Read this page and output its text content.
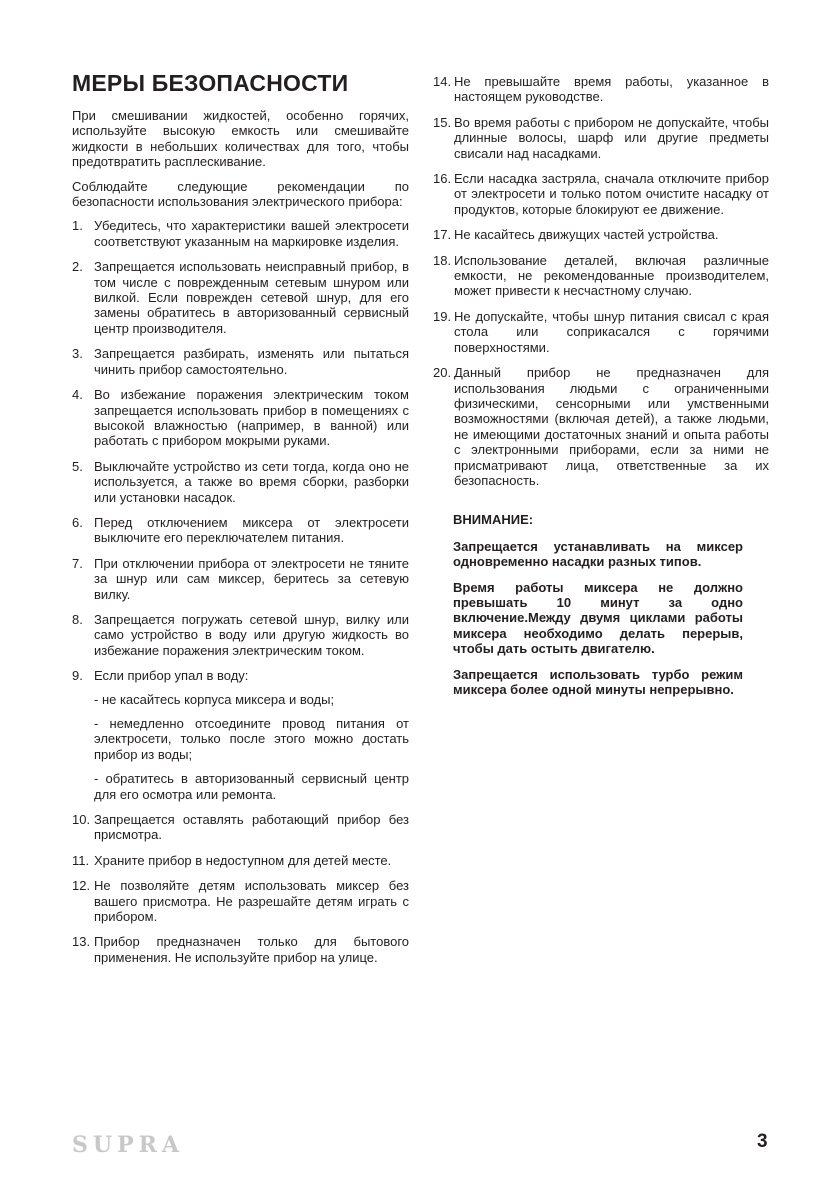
МЕРЫ БЕЗОПАСНОСТИ

При смешивании жидкостей, особенно горячих, используйте высокую емкость или смешивайте жидкости в небольших количествах для того, чтобы предотвратить расплескивание.

Соблюдайте следующие рекомендации по безопасности использования электрического прибора:

1. Убедитесь, что характеристики вашей электросети соответствуют указанным на маркировке изделия.
2. Запрещается использовать неисправный прибор, в том числе с поврежденным сетевым шнуром или вилкой. Если поврежден сетевой шнур, для его замены обратитесь в авторизованный сервисный центр производителя.
3. Запрещается разбирать, изменять или пытаться чинить прибор самостоятельно.
4. Во избежание поражения электрическим током запрещается использовать прибор в помещениях с высокой влажностью (например, в ванной) или работать с прибором мокрыми руками.
5. Выключайте устройство из сети тогда, когда оно не используется, а также во время сборки, разборки или установки насадок.
6. Перед отключением миксера от электросети выключите его переключателем питания.
7. При отключении прибора от электросети не тяните за шнур или сам миксер, беритесь за сетевую вилку.
8. Запрещается погружать сетевой шнур, вилку или само устройство в воду или другую жидкость во избежание поражения электрическим током.
9. Если прибор упал в воду:
- не касайтесь корпуса миксера и воды;
- немедленно отсоедините провод питания от электросети, только после этого можно достать прибор из воды;
- обратитесь в авторизованный сервисный центр для его осмотра или ремонта.
10. Запрещается оставлять работающий прибор без присмотра.
11. Храните прибор в недоступном для детей месте.
12. Не позволяйте детям использовать миксер без вашего присмотра. Не разрешайте детям играть с прибором.
13. Прибор предназначен только для бытового применения. Не используйте прибор на улице.
14. Не превышайте время работы, указанное в настоящем руководстве.
15. Во время работы с прибором не допускайте, чтобы длинные волосы, шарф или другие предметы свисали над насадками.
16. Если насадка застряла, сначала отключите прибор от электросети и только потом очистите насадку от продуктов, которые блокируют ее движение.
17. Не касайтесь движущих частей устройства.
18. Использование деталей, включая различные емкости, не рекомендованные производителем, может привести к несчастному случаю.
19. Не допускайте, чтобы шнур питания свисал с края стола или соприкасался с горячими поверхностями.
20. Данный прибор не предназначен для использования людьми с ограниченными физическими, сенсорными или умственными возможностями (включая детей), а также людьми, не имеющими достаточных знаний и опыта работы с электронными приборами, если за ними не присматривают лица, ответственные за их безопасность.
ВНИМАНИЕ:

Запрещается устанавливать на миксер одновременно насадки разных типов.

Время работы миксера не должно превышать 10 минут за одно включение.Между двумя циклами работы миксера необходимо делать перерыв, чтобы дать остыть двигателю.

Запрещается использовать турбо режим миксера более одной минуты непрерывно.

SUPRA	3
